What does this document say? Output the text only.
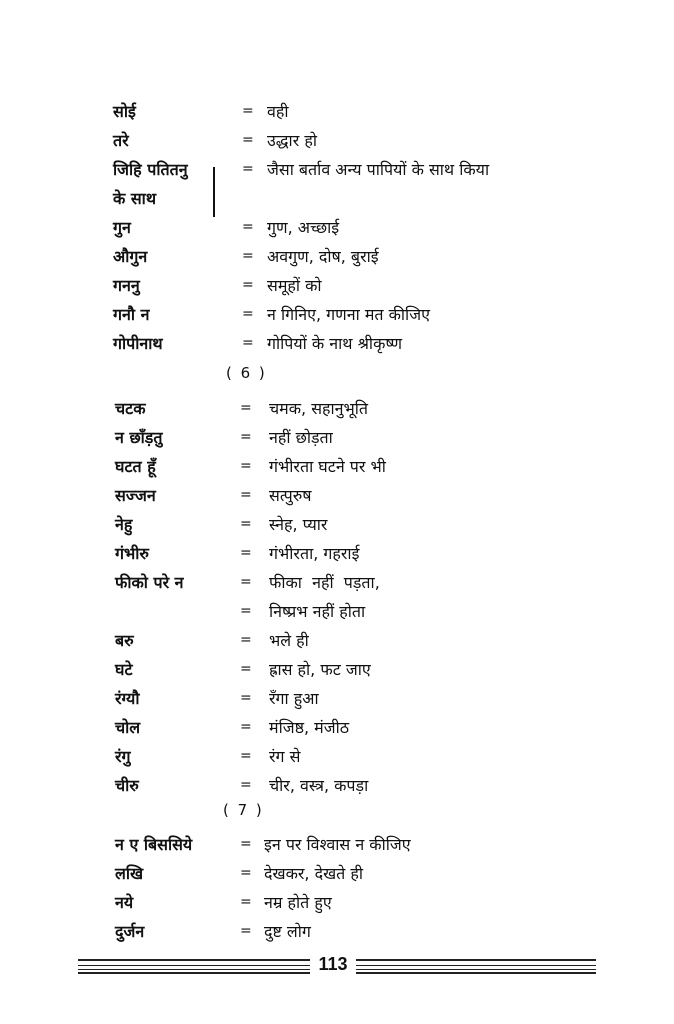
सोई	= वही
तरे	= उद्धार हो
जिहि पतितनु	= जैसा बर्ताव अन्य पापियों के साथ किया
के साथ
गुन	= गुण, अच्छाई
औगुन	= अवगुण, दोष, बुराई
गननु	= समूहों को
गनौ न	= न गिनिए, गणना मत कीजिए
गोपीनाथ	= गोपियों के नाथ श्रीकृष्ण
( 6 )
चटक	= चमक, सहानुभूति
न छाँड़तु	= नहीं छोड़ता
घटत हूँ	= गंभीरता घटने पर भी
सज्जन	= सत्पुरुष
नेहु	= स्नेह, प्यार
गंभीरु	= गंभीरता, गहराई
फीको परे न	= फीका  नहीं  पड़ता,
= निष्प्रभ नहीं होता
बरु	= भले ही
घटे	= ह्रास हो, फट जाए
रंग्यौ	= रँगा हुआ
चोल	= मंजिष्ठ, मंजीठ
रंगु	= रंग से
चीरु	= चीर, वस्त्र, कपड़ा
( 7 )
न ए बिससिये	= इन पर विश्वास न कीजिए
लखि	= देखकर, देखते ही
नये	= नम्र होते हुए
दुर्जन	= दुष्ट लोग
113
